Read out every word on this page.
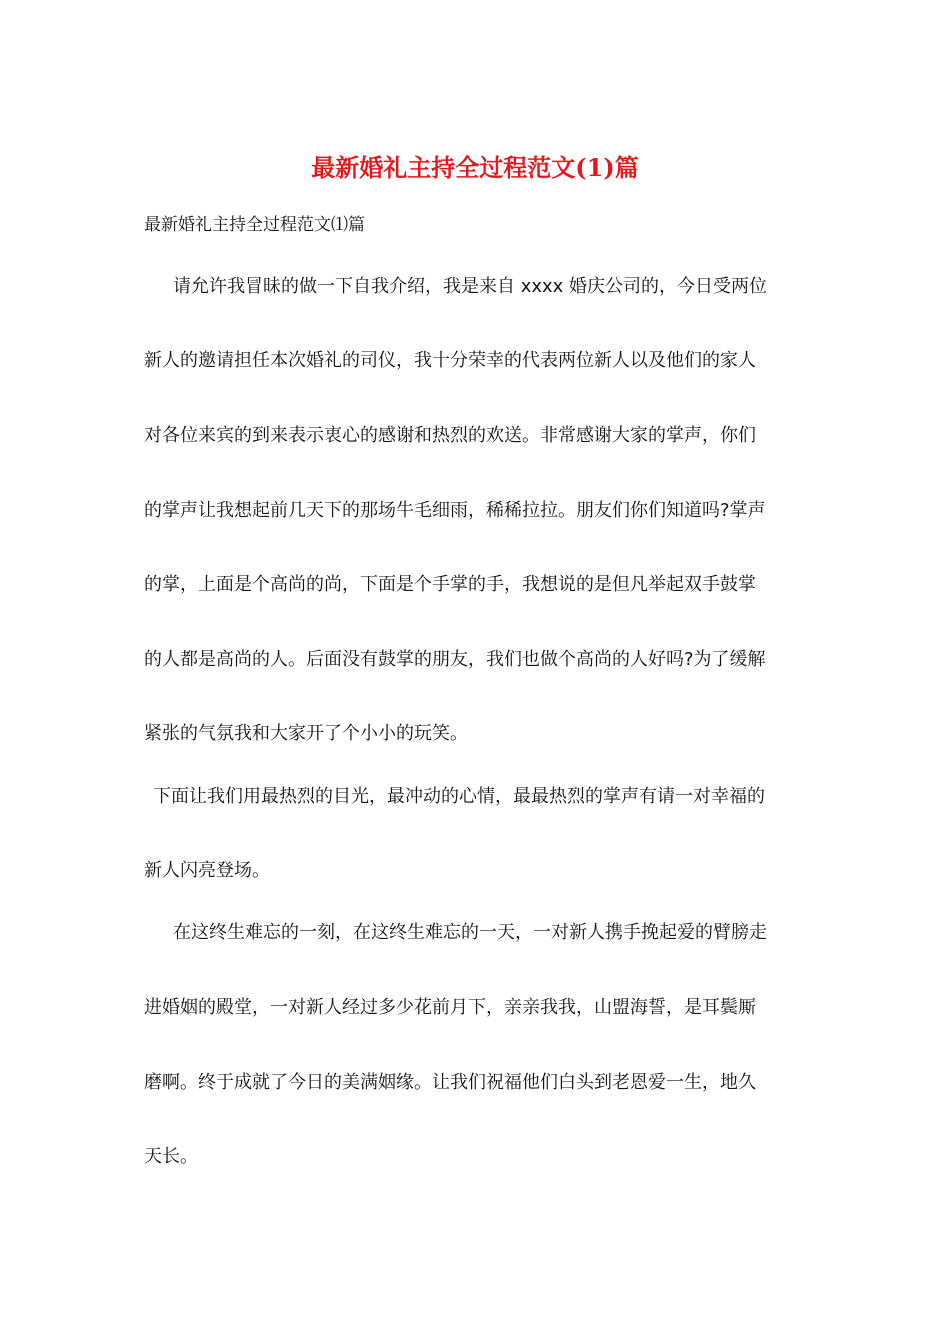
最新婚礼主持全过程范文(1)篇
最新婚礼主持全过程范文⑴篇
请允许我冒昧的做一下自我介绍，我是来自 xxxx 婚庆公司的，今日受两位
新人的邀请担任本次婚礼的司仪，我十分荣幸的代表两位新人以及他们的家人
对各位来宾的到来表示衷心的感谢和热烈的欢送。非常感谢大家的掌声，你们
的掌声让我想起前几天下的那场牛毛细雨，稀稀拉拉。朋友们你们知道吗?掌声
的掌，上面是个高尚的尚，下面是个手掌的手，我想说的是但凡举起双手鼓掌
的人都是高尚的人。后面没有鼓掌的朋友，我们也做个高尚的人好吗?为了缓解
紧张的气氛我和大家开了个小小的玩笑。
下面让我们用最热烈的目光，最冲动的心情，最最热烈的掌声有请一对幸福的
新人闪亮登场。
在这终生难忘的一刻，在这终生难忘的一天，一对新人携手挽起爱的臂膀走
进婚姻的殿堂，一对新人经过多少花前月下，亲亲我我，山盟海誓，是耳鬓厮
磨啊。终于成就了今日的美满姻缘。让我们祝福他们白头到老恩爱一生，地久
天长。
